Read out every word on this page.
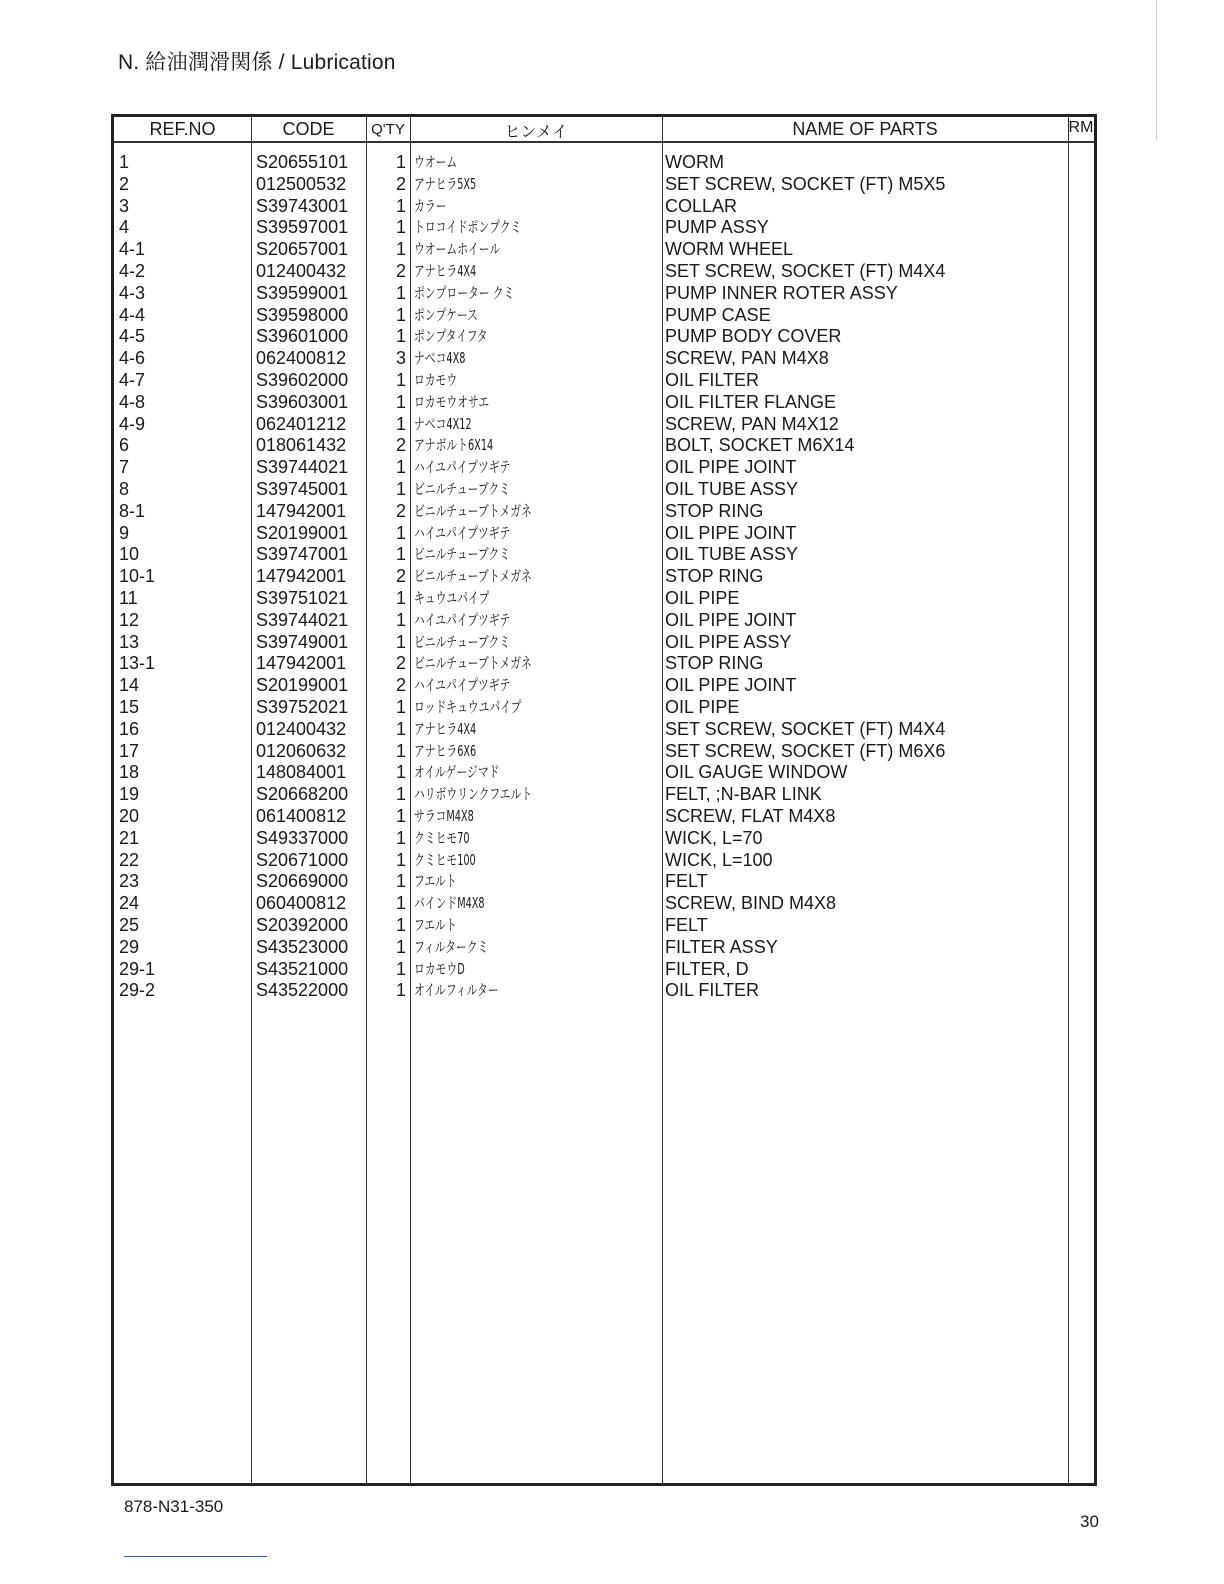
N. 給油潤滑関係 / Lubrication
REF.NO	CODE	Q'TY	ヒンメイ	NAME OF PARTS	RM
1	S20655101	1 ウオーム	WORM
2	012500532	2 アナヒラ5X5	SET SCREW, SOCKET (FT) M5X5
3	S39743001	1 カラー	COLLAR
4	S39597001	1 トロコイドポンプクミ	PUMP ASSY
4-1	S20657001	1 ウオームホイール	WORM WHEEL
4-2	012400432	2 アナヒラ4X4	SET SCREW, SOCKET (FT) M4X4
4-3	S39599001	1 ポンプローター クミ	PUMP INNER ROTER ASSY
4-4	S39598000	1 ポンプケース	PUMP CASE
4-5	S39601000	1 ポンプタイフタ	PUMP BODY COVER
4-6	062400812	3 ナベコ4X8	SCREW, PAN M4X8
4-7	S39602000	1 ロカモウ	OIL FILTER
4-8	S39603001	1 ロカモウオサエ	OIL FILTER FLANGE
4-9	062401212	1 ナベコ4X12	SCREW, PAN M4X12
6	018061432	2 アナボルト6X14	BOLT, SOCKET M6X14
7	S39744021	1 ハイユパイプツギテ	OIL PIPE JOINT
8	S39745001	1 ビニルチューブクミ	OIL TUBE ASSY
8-1	147942001	2 ビニルチューブトメガネ	STOP RING
9	S20199001	1 ハイユパイプツギテ	OIL PIPE JOINT
10	S39747001	1 ビニルチューブクミ	OIL TUBE ASSY
10-1	147942001	2 ビニルチューブトメガネ	STOP RING
11	S39751021	1 キュウユパイプ	OIL PIPE
12	S39744021	1 ハイユパイプツギテ	OIL PIPE JOINT
13	S39749001	1 ビニルチューブクミ	OIL PIPE ASSY
13-1	147942001	2 ビニルチューブトメガネ	STOP RING
14	S20199001	2 ハイユパイプツギテ	OIL PIPE JOINT
15	S39752021	1 ロッドキュウユパイプ	OIL PIPE
16	012400432	1 アナヒラ4X4	SET SCREW, SOCKET (FT) M4X4
17	012060632	1 アナヒラ6X6	SET SCREW, SOCKET (FT) M6X6
18	148084001	1 オイルゲージマド	OIL GAUGE WINDOW
19	S20668200	1 ハリボウリンクフエルト	FELT, ;N-BAR LINK
20	061400812	1 サラコM4X8	SCREW, FLAT M4X8
21	S49337000	1 クミヒモ70	WICK, L=70
22	S20671000	1 クミヒモ100	WICK, L=100
23	S20669000	1 フエルト	FELT
24	060400812	1 バインドM4X8	SCREW, BIND M4X8
25	S20392000	1 フエルト	FELT
29	S43523000	1 フィルタークミ	FILTER ASSY
29-1	S43521000	1 ロカモウD	FILTER, D
29-2	S43522000	1 オイルフィルター	OIL FILTER
878-N31-350
30
